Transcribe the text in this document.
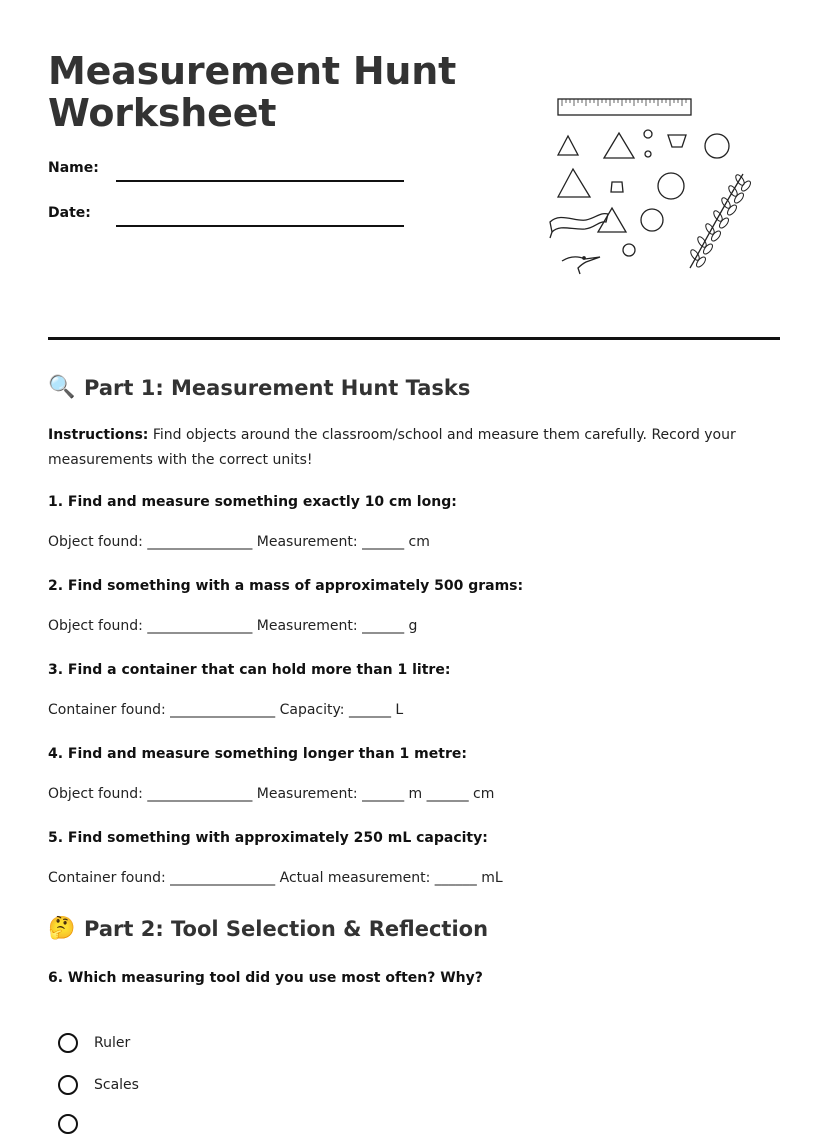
Measurement Hunt
Worksheet
Name:
Date:
🔍 Part 1: Measurement Hunt Tasks

Instructions: Find objects around the classroom/school and measure them carefully. Record your measurements with the correct units!

1. Find and measure something exactly 10 cm long:

Object found: _______________ Measurement: ______ cm

2. Find something with a mass of approximately 500 grams:

Object found: _______________ Measurement: ______ g

3. Find a container that can hold more than 1 litre:

Container found: _______________ Capacity: ______ L

4. Find and measure something longer than 1 metre:

Object found: _______________ Measurement: ______ m ______ cm

5. Find something with approximately 250 mL capacity:

Container found: _______________ Actual measurement: ______ mL

🤔 Part 2: Tool Selection & Reflection

6. Which measuring tool did you use most often? Why?

Ruler
Scales
